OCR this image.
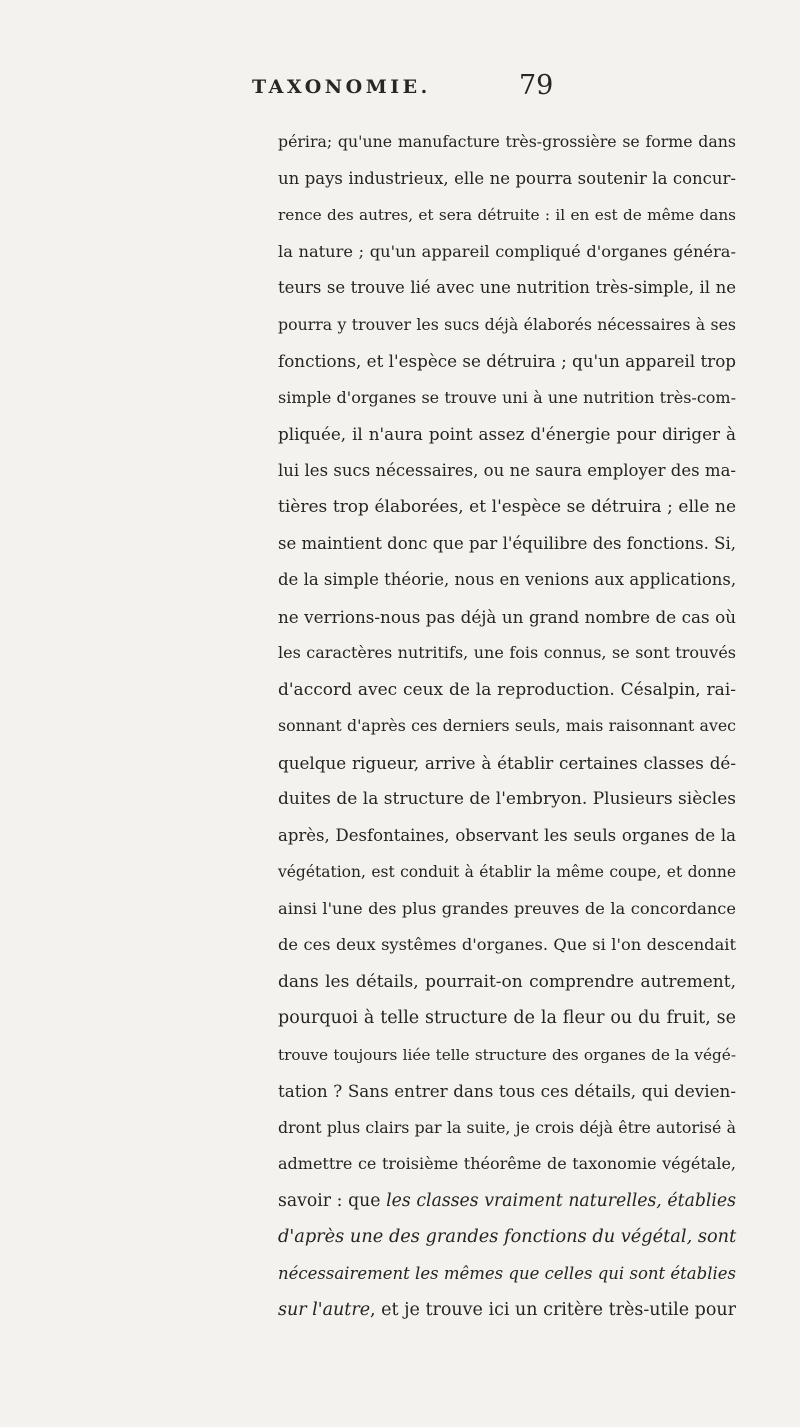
TAXONOMIE.	79

périra; qu'une manufacture très-grossière se forme dans

un pays industrieux, elle ne pourra soutenir la concur-

rence des autres, et sera détruite : il en est de même dans

la nature ; qu'un appareil compliqué d'organes généra-

teurs se trouve lié avec une nutrition très-simple, il ne

pourra y trouver les sucs déjà élaborés nécessaires à ses

fonctions, et l'espèce se détruira ; qu'un appareil trop

simple d'organes se trouve uni à une nutrition très-com-

pliquée, il n'aura point assez d'énergie pour diriger à

lui les sucs nécessaires, ou ne saura employer des ma-

tières trop élaborées, et l'espèce se détruira ; elle ne

se maintient donc que par l'équilibre des fonctions. Si,

de la simple théorie, nous en venions aux applications,

ne verrions-nous pas déjà un grand nombre de cas où

les caractères nutritifs, une fois connus, se sont trouvés

d'accord avec ceux de la reproduction. Césalpin, rai-

sonnant d'après ces derniers seuls, mais raisonnant avec

quelque rigueur, arrive à établir certaines classes dé-

duites de la structure de l'embryon. Plusieurs siècles

après, Desfontaines, observant les seuls organes de la

végétation, est conduit à établir la même coupe, et donne

ainsi l'une des plus grandes preuves de la concordance

de ces deux systêmes d'organes. Que si l'on descendait

dans les détails, pourrait-on comprendre autrement,

pourquoi à telle structure de la fleur ou du fruit, se

trouve toujours liée telle structure des organes de la végé-

tation ? Sans entrer dans tous ces détails, qui devien-

dront plus clairs par la suite, je crois déjà être autorisé à

admettre ce troisième théorême de taxonomie végétale,

savoir : que les classes vraiment naturelles, établies

d'après une des grandes fonctions du végétal, sont

nécessairement les mêmes que celles qui sont établies

sur l'autre, et je trouve ici un critère très-utile pour
